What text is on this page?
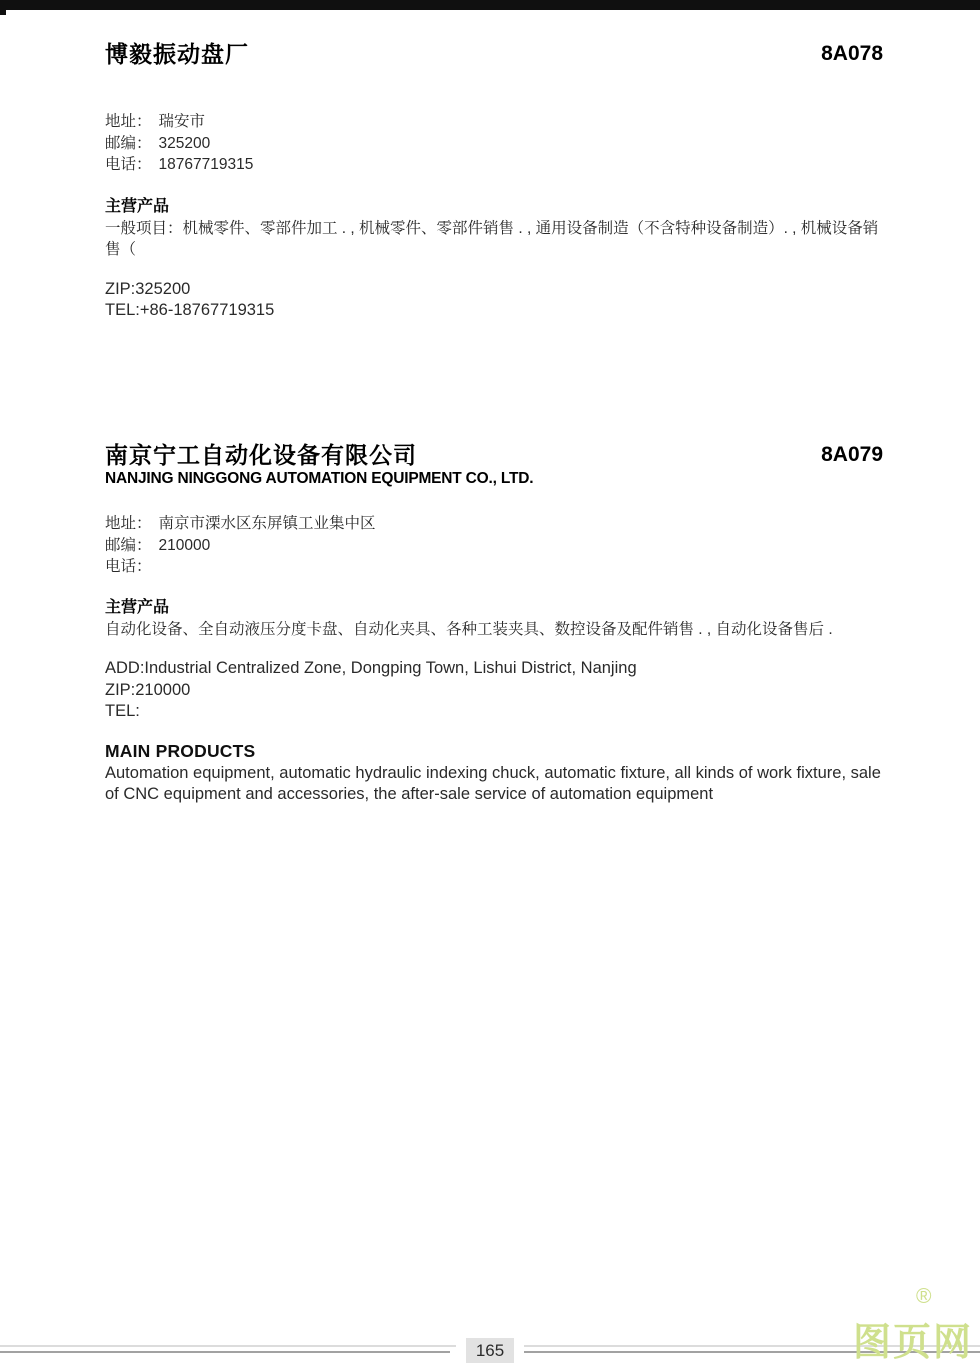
博毅振动盘厂	8A078
地址： 瑞安市
邮编： 325200
电话： 18767719315
主营产品
一般项目：机械零件、零部件加工 . , 机械零件、零部件销售 . , 通用设备制造（不含特种设备制造）. , 机械设备销售（
ZIP:325200
TEL:+86-18767719315
南京宁工自动化设备有限公司	8A079
NANJING NINGGONG AUTOMATION EQUIPMENT CO., LTD.
地址： 南京市溧水区东屏镇工业集中区
邮编： 210000
电话：
主营产品
自动化设备、全自动液压分度卡盘、自动化夹具、各种工装夹具、数控设备及配件销售 . , 自动化设备售后 .
ADD:Industrial Centralized Zone, Dongping Town, Lishui District, Nanjing
ZIP:210000
TEL:
MAIN PRODUCTS
Automation equipment, automatic hydraulic indexing chuck, automatic fixture, all kinds of work fixture, sale of CNC equipment and accessories, the after-sale service of automation equipment
165
®
图页网
